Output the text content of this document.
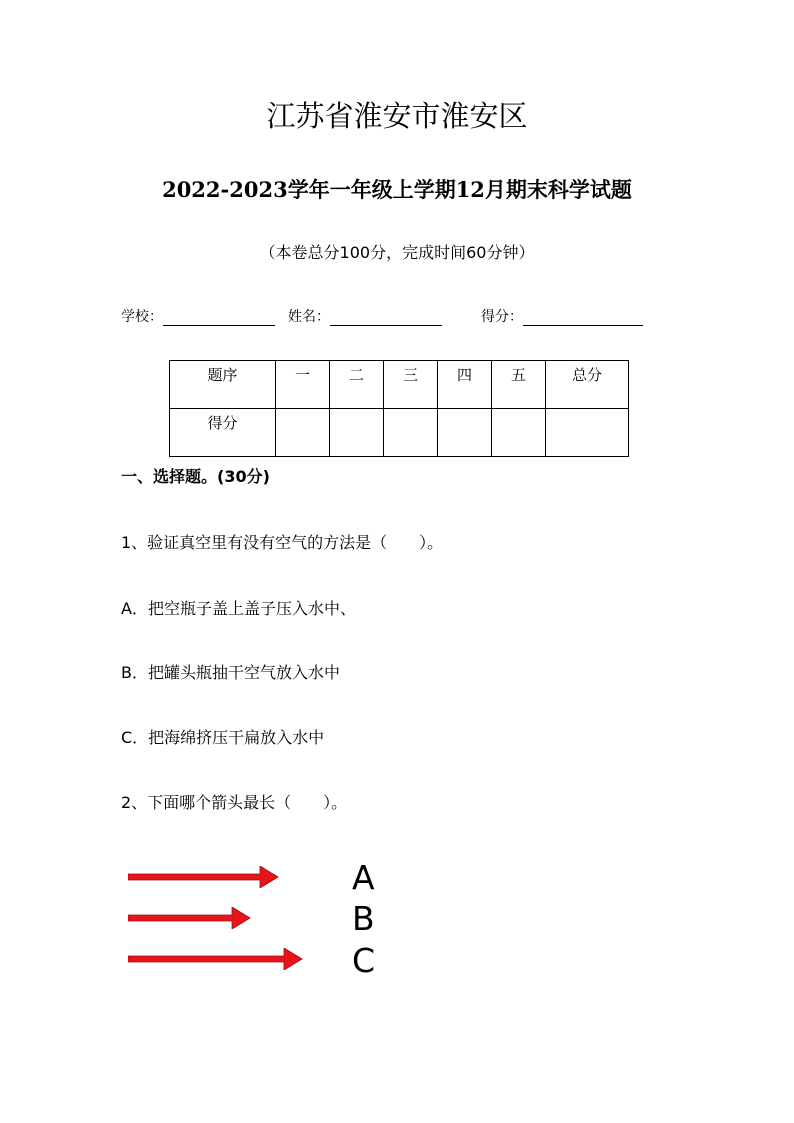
江苏省淮安市淮安区
2022-2023学年一年级上学期12月期末科学试题
（本卷总分100分，完成时间60分钟）
学校：	姓名：	得分：
题序	一	二	三	四	五	总分
得分						
一、选择题。(30分)
1、验证真空里有没有空气的方法是（　　）。
A．把空瓶子盖上盖子压入水中、
B．把罐头瓶抽干空气放入水中
C．把海绵挤压干扁放入水中
2、下面哪个箭头最长（　　）。
A
B
C
